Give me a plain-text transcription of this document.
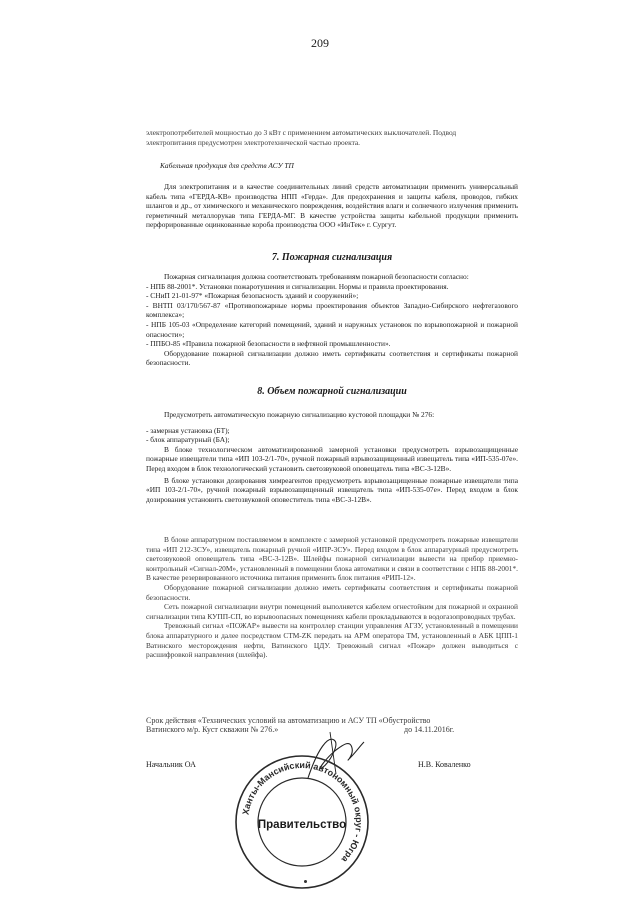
209

электропотребителей мощностью до 3 кВт с применением автоматических выключателей. Подвод

электропитания предусмотрен электротехнической частью проекта.

Кабельная продукция для средств АСУ ТП
Для электропитания и в качестве соединительных линий средств автоматизации применить универсальный кабель типа «ГЕРДА-КВ» производства НПП «Герда». Для предохранения и защиты кабеля, проводов, гибких шлангов и др., от химического и механического повреждения, воздействия влаги и солнечного излучения применить герметичный металлорукав типа ГЕРДА-МГ. В качестве устройства защиты кабельной продукции применить перфорированные оцинкованные короба производства ООО «ИнТек» г. Сургут.
7. Пожарная сигнализация

Пожарная сигнализация должна соответствовать требованиям пожарной безопасности согласно:

- НПБ 88-2001*. Установки пожаротушения и сигнализации. Нормы и правила проектирования.

- СНиП 21-01-97* «Пожарная безопасность зданий и сооружений»;

- ВНТП 03/170/567-87 «Противопожарные нормы проектирования объектов Западно-Сибирского нефтегазового комплекса»;

- НПБ 105-03 «Определение категорий помещений, зданий и наружных установок по взрывопожарной и пожарной опасности»;

- ППБО-85 «Правила пожарной безопасности в нефтяной промышленности».

Оборудование пожарной сигнализации должно иметь сертификаты соответствия и сертификаты пожарной безопасности.

8. Объем пожарной сигнализации

Предусмотреть автоматическую пожарную сигнализацию кустовой площадки № 276:

- замерная установка (БТ);

- блок аппаратурный (БА);

В блоке технологическом автоматизированной замерной установки предусмотреть взрывозащищенные пожарные извещатели типа «ИП 103-2/1-70», ручной пожарный взрывозащищенный извещатель типа «ИП-535-07е». Перед входом в блок технологический установить светозвуковой оповещатель типа «ВС-3-12В».

В блоке установки дозирования химреагентов предусмотреть взрывозащищенные пожарные извещатели типа «ИП 103-2/1-70», ручной пожарный взрывозащищенный извещатель типа «ИП-535-07е». Перед входом в блок дозирования установить светозвуковой оповеститель типа «ВС-3-12В».

В блоке аппаратурном поставляемом в комплекте с замерной установкой предусмотреть пожарные извещатели типа «ИП 212-3СУ», извещатель пожарный ручной «ИПР-3СУ». Перед входом в блок аппаратурный предусмотреть светозвуковой оповещатель типа «ВС-3-12В». Шлейфы пожарной сигнализации вывести на прибор приемно-контрольный «Сигнал-20М», установленный в помещении блока автоматики и связи в соответствии с НПБ 88-2001*. В качестве резервированного источника питания применить блок питания «РИП-12».

Оборудование пожарной сигнализации должно иметь сертификаты соответствия и сертификаты пожарной безопасности.

Сеть пожарной сигнализации внутри помещений выполняется кабелем огнестойким для пожарной и охранной сигнализации типа КУПП-СП, во взрывоопасных помещениях кабели прокладываются в водогазопроводных трубах.

Тревожный сигнал «ПОЖАР» вывести на контроллер станции управления АГЗУ, установленный в помещении блока аппаратурного и далее посредством СТМ-ZK передать на АРМ оператора ТМ, установленный в АБК ЦПП-1 Ватинского месторождения нефти, Ватинского ЦДУ. Тревожный сигнал «Пожар» должен выводиться с расшифровкой направления (шлейфа).

Срок действия «Технических условий на автоматизацию и АСУ ТП «Обустройство
Ватинского м/р. Куст скважин № 276.»	до 14.11.2016г.
Начальник ОА	Н.В. Коваленко
Ханты-Мансийский автономный округ - Югра
Правительство
